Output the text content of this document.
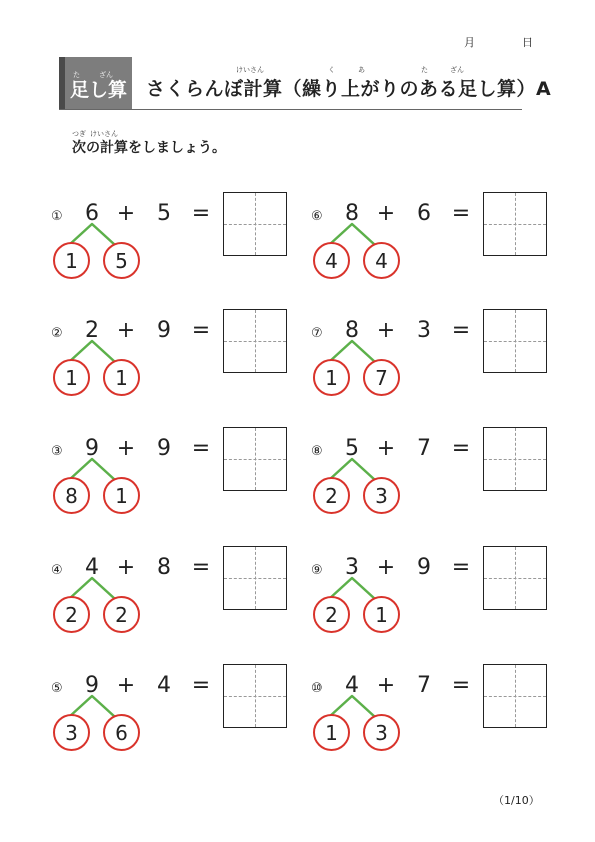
月	日
足し算
た	ざん
けいさん	く	あ	た	ざん
さくらんぼ計算（繰り上がりのある足し算）A
つぎ けいさん
次の計算をしましょう。
① 6 + 5 =
1	5
⑥ 8 + 6 =
4	4
② 2 + 9 =
1	1
⑦ 8 + 3 =
1	7
③ 9 + 9 =
8	1
⑧ 5 + 7 =
2	3
④ 4 + 8 =
2	2
⑨ 3 + 9 =
2	1
⑤ 9 + 4 =
3	6
⑩ 4 + 7 =
1	3
（1/10）
